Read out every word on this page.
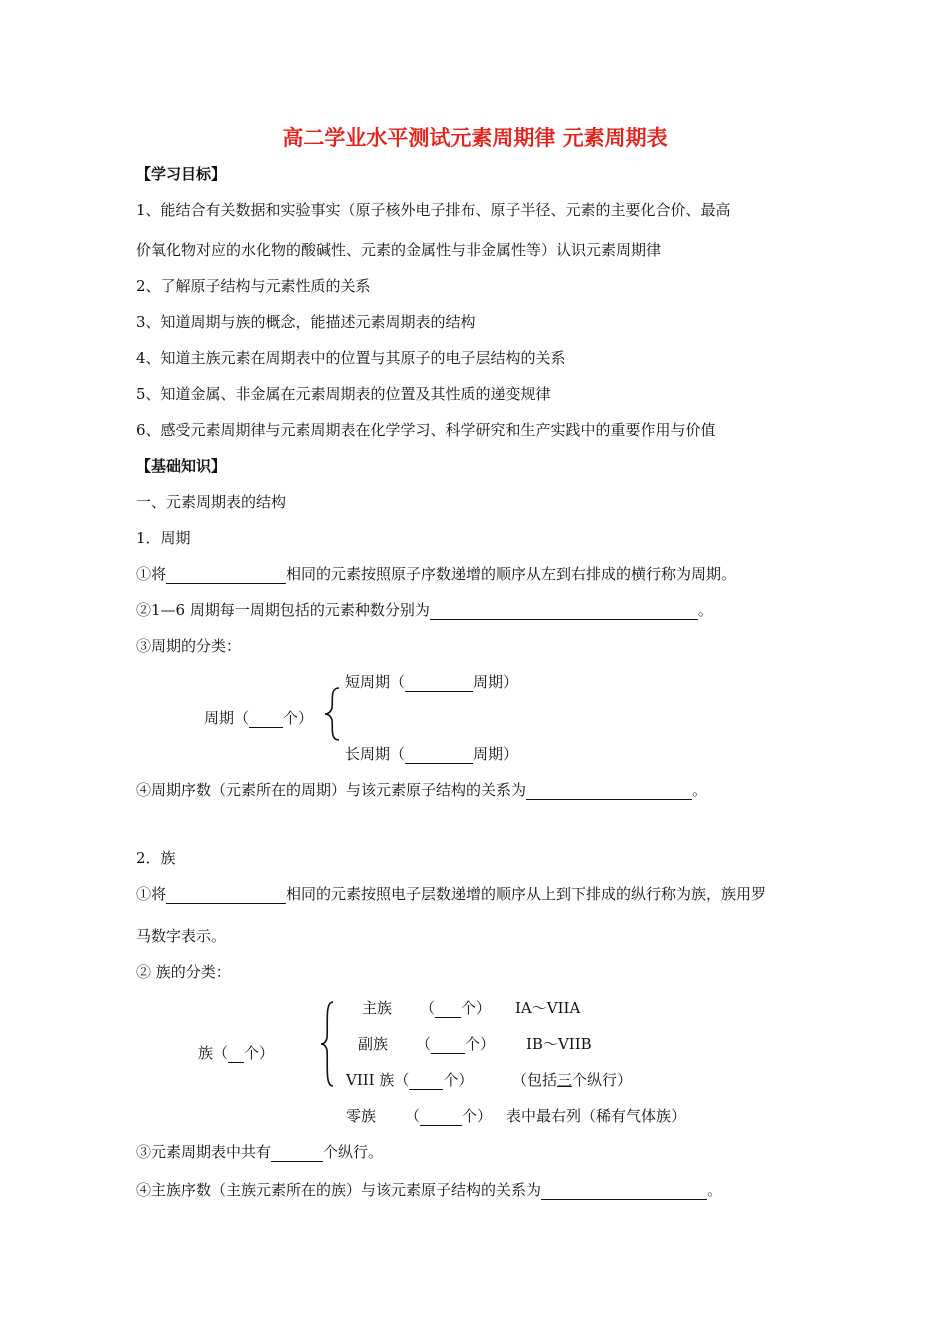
高二学业水平测试元素周期律 元素周期表
【学习目标】
1、能结合有关数据和实验事实（原子核外电子排布、原子半径、元素的主要化合价、最高
价氧化物对应的水化物的酸碱性、元素的金属性与非金属性等）认识元素周期律
2、了解原子结构与元素性质的关系
3、知道周期与族的概念，能描述元素周期表的结构
4、知道主族元素在周期表中的位置与其原子的电子层结构的关系
5、知道金属、非金属在元素周期表的位置及其性质的递变规律
6、感受元素周期律与元素周期表在化学学习、科学研究和生产实践中的重要作用与价值
【基础知识】
一、元素周期表的结构
1．周期
①将	相同的元素按照原子序数递增的顺序从左到右排成的横行称为周期。
②1—6 周期每一周期包括的元素种数分别为	。
③周期的分类：
短周期（	周期）
周期（ 个）
长周期（	周期）
④周期序数（元素所在的周期）与该元素原子结构的关系为	。
2．族
①将	相同的元素按照电子层数递增的顺序从上到下排成的纵行称为族，族用罗
马数字表示。
② 族的分类：
族（ 个）
主族 （ 个） IA～VIIA
副族 （ 个） IB～VIIB
VIII 族（ 个）	（包括三个纵行）
零族 （	个） 表中最右列（稀有气体族）
③元素周期表中共有	个纵行。
④主族序数（主族元素所在的族）与该元素原子结构的关系为	。
